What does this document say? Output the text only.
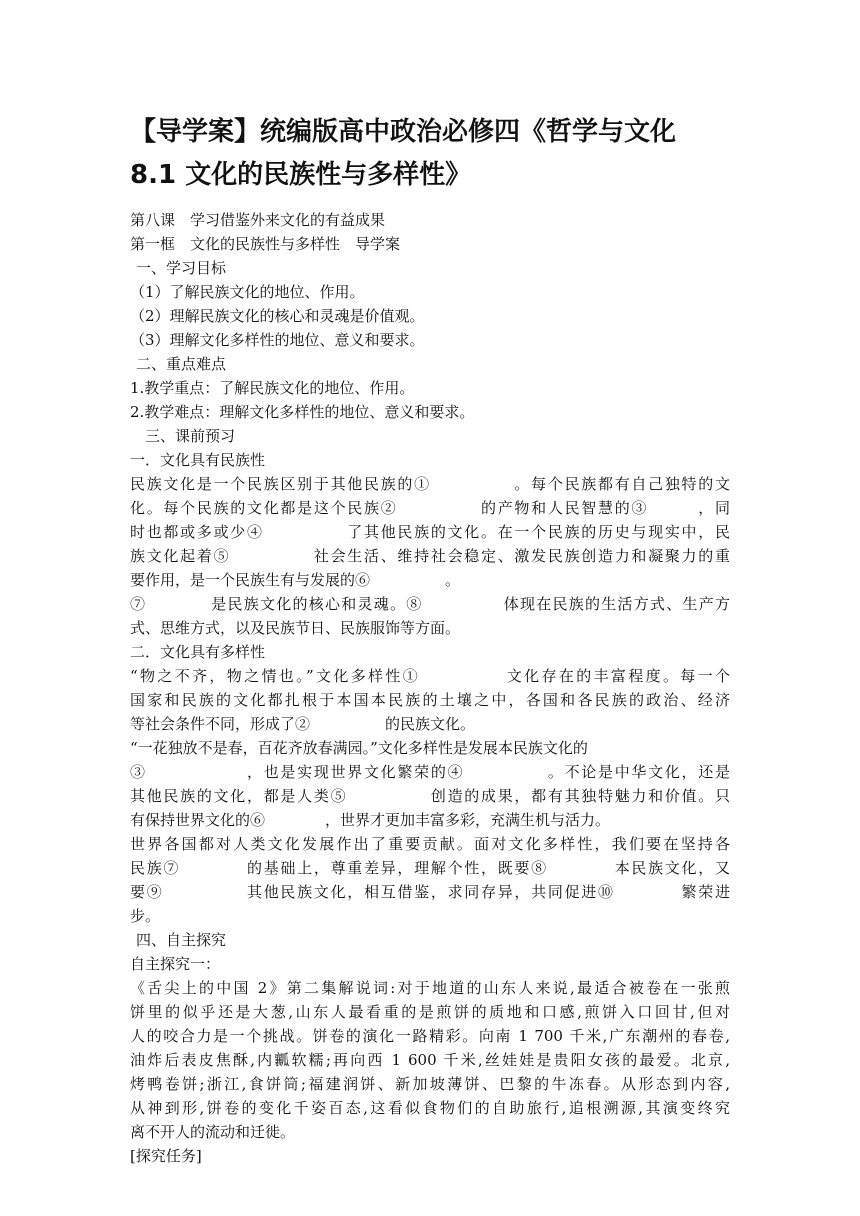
【导学案】统编版高中政治必修四《哲学与文化 8.1 文化的民族性与多样性》
第八课　学习借鉴外来文化的有益成果
第一框　文化的民族性与多样性　导学案
一、学习目标
（1）了解民族文化的地位、作用。
（2）理解民族文化的核心和灵魂是价值观。
（3）理解文化多样性的地位、意义和要求。
二、重点难点
1.教学重点：了解民族文化的地位、作用。
2.教学难点：理解文化多样性的地位、意义和要求。
三、课前预习
一．文化具有民族性
民族文化是一个民族区别于其他民族的①　　　　　。每个民族都有自己独特的文
化。每个民族的文化都是这个民族②　　　　　的产物和人民智慧的③　　　，同
时也都或多或少④　　　　　了其他民族的文化。在一个民族的历史与现实中，民
族文化起着⑤　　　　　社会生活、维持社会稳定、激发民族创造力和凝聚力的重
要作用，是一个民族生有与发展的⑥　　　　　。
⑦　　　　是民族文化的核心和灵魂。⑧　　　　　体现在民族的生活方式、生产方
式、思维方式，以及民族节日、民族服饰等方面。
二．文化具有多样性
“物之不齐，物之情也。”文化多样性①　　　　　文化存在的丰富程度。每一个
国家和民族的文化都扎根于本国本民族的土壤之中，各国和各民族的政治、经济
等社会条件不同，形成了②　　　　　的民族文化。
“一花独放不是春，百花齐放春满园。”文化多样性是发展本民族文化的
③　　　　　　，也是实现世界文化繁荣的④　　　　　。不论是中华文化，还是
其他民族的文化，都是人类⑤　　　　　创造的成果，都有其独特魅力和价值。只
有保持世界文化的⑥　　　　，世界才更加丰富多彩，充满生机与活力。
世界各国都对人类文化发展作出了重要贡献。面对文化多样性，我们要在坚持各
民族⑦　　　　的基础上，尊重差异，理解个性，既要⑧　　　　本民族文化，又
要⑨　　　　　其他民族文化，相互借鉴，求同存异，共同促进⑩　　　　繁荣进
步。
四、自主探究
自主探究一：
《舌尖上的中国 2》第二集解说词:对于地道的山东人来说,最适合被卷在一张煎
饼里的似乎还是大葱,山东人最看重的是煎饼的质地和口感,煎饼入口回甘,但对
人的咬合力是一个挑战。饼卷的演化一路精彩。向南 1 700 千米,广东潮州的春卷,
油炸后表皮焦酥,内瓤软糯;再向西 1 600 千米,丝娃娃是贵阳女孩的最爱。北京,
烤鸭卷饼;浙江,食饼筒;福建润饼、新加坡薄饼、巴黎的牛冻春。从形态到内容,
从神到形,饼卷的变化千姿百态,这看似食物们的自助旅行,追根溯源,其演变终究
离不开人的流动和迁徙。
[探究任务]
